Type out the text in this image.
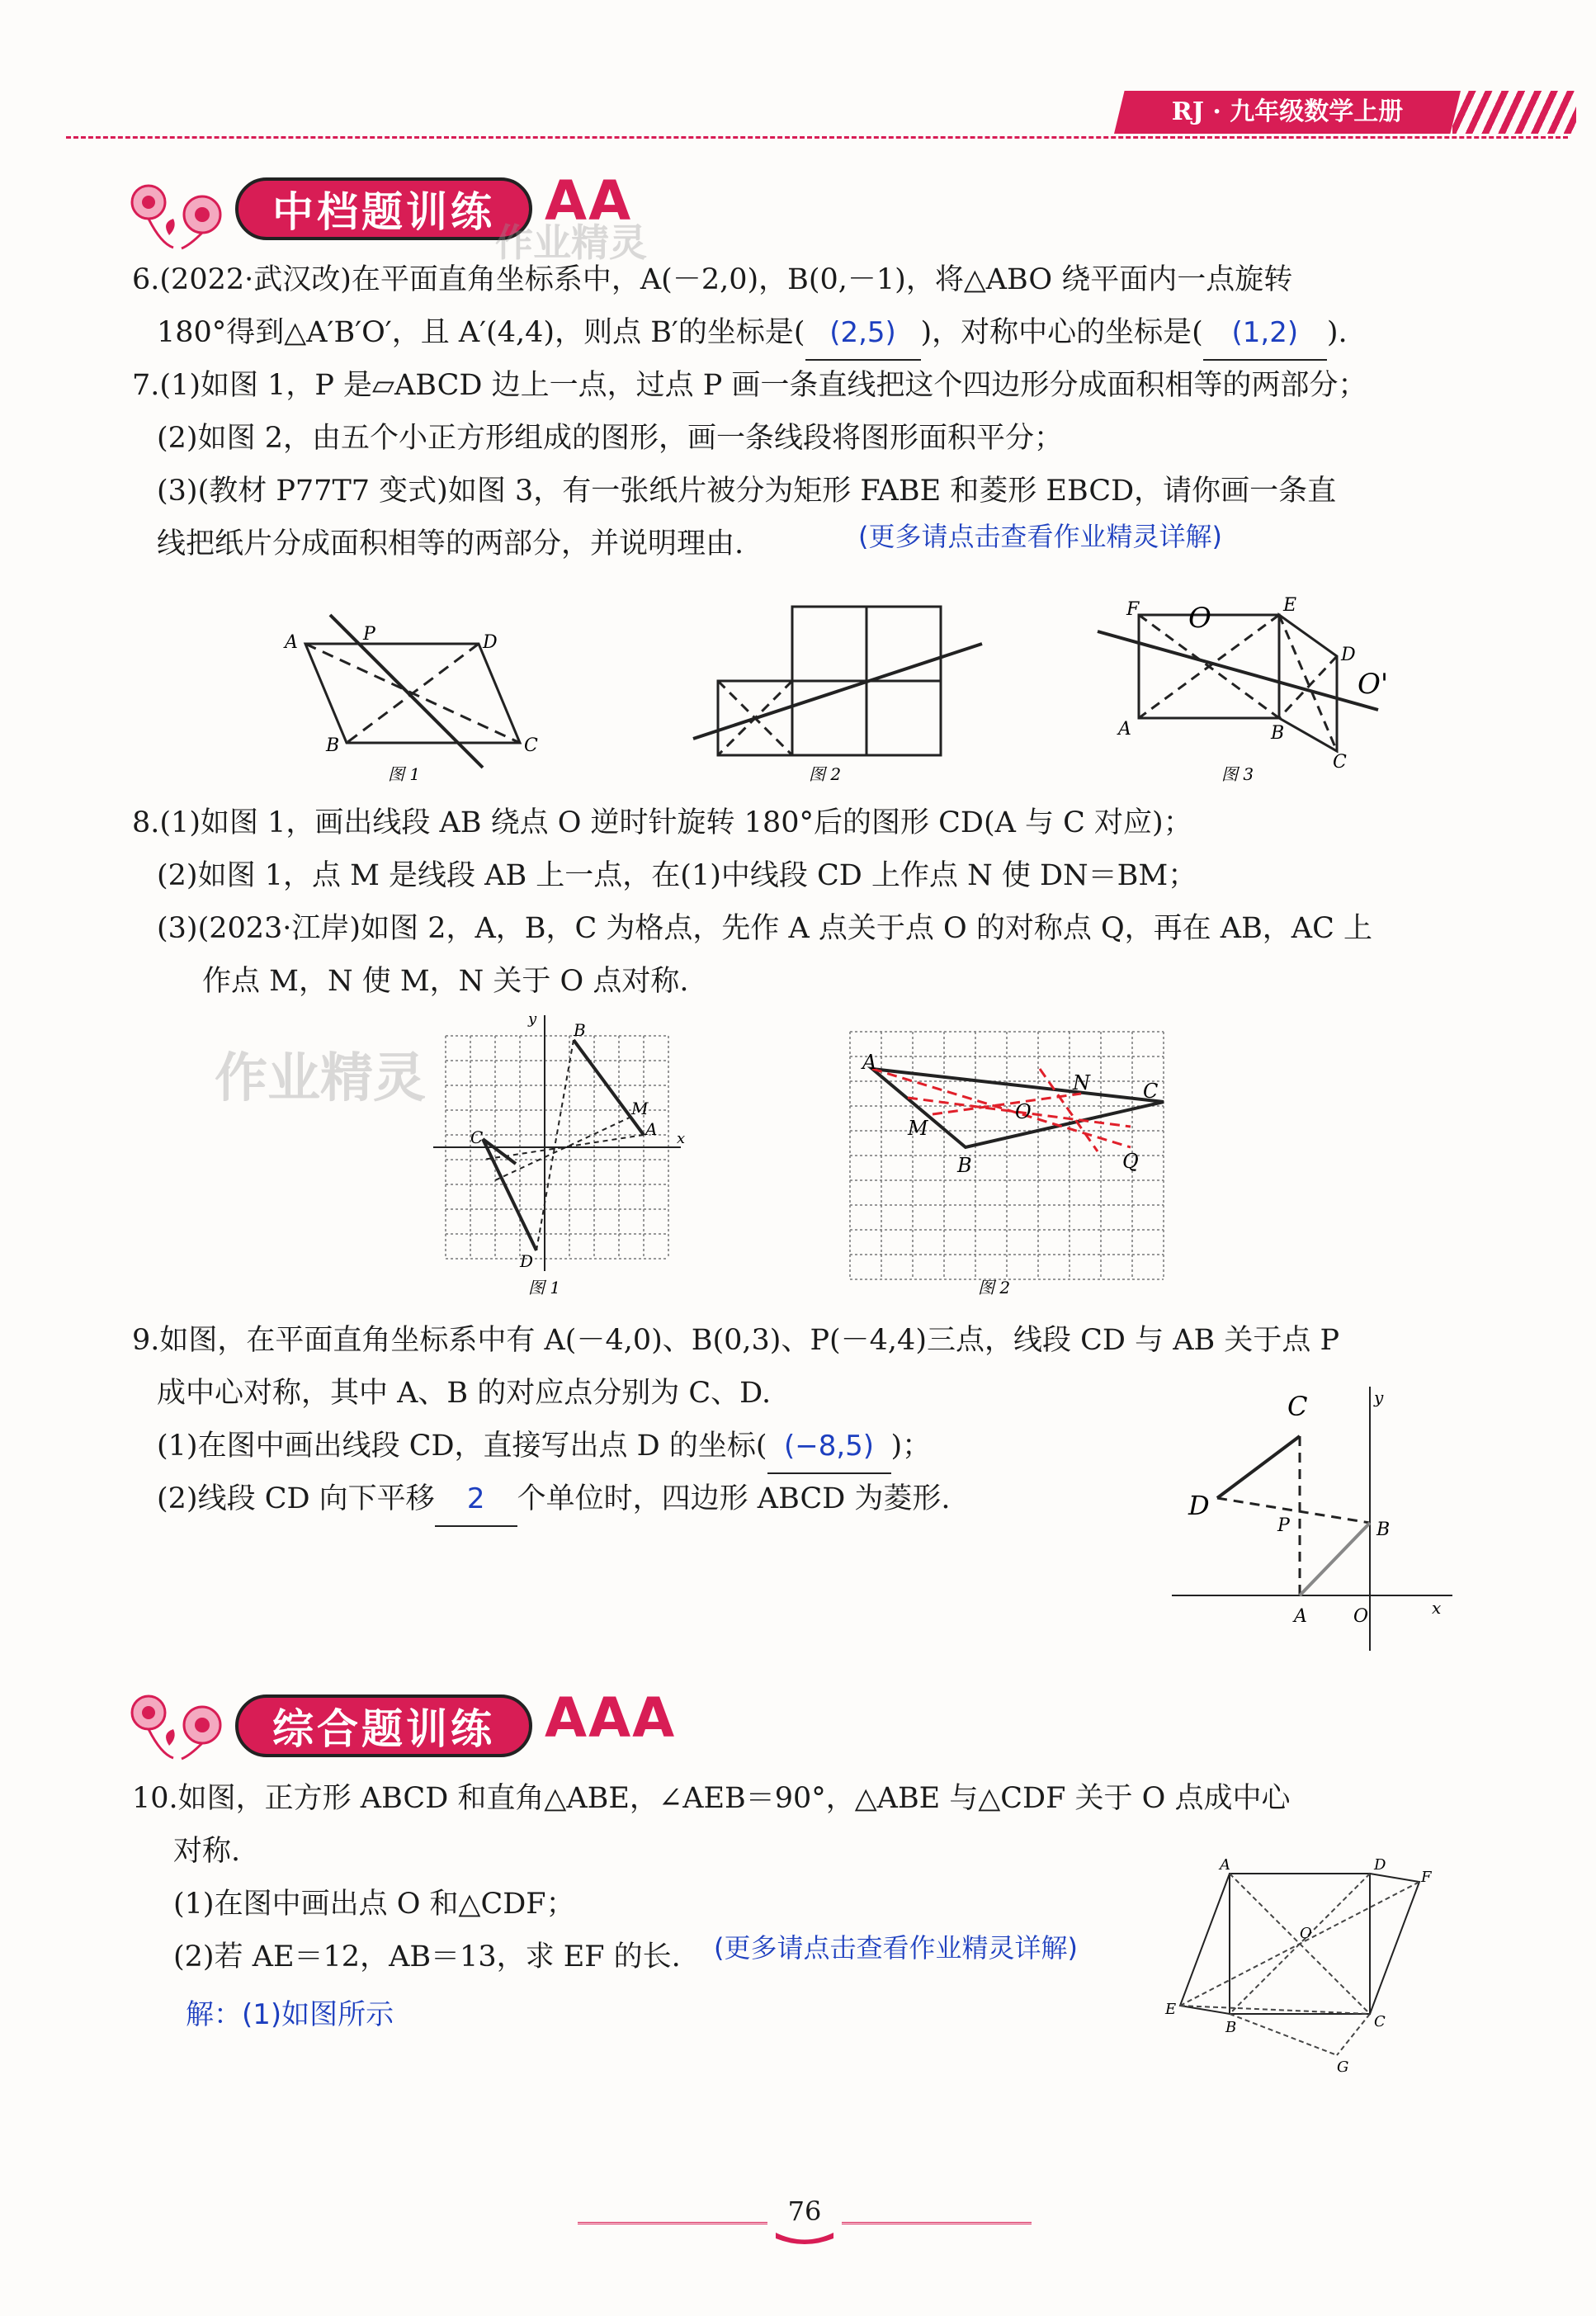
RJ · 九年级数学上册
中档题训练 AA
作业精灵
6.(2022·武汉改)在平面直角坐标系中，A(－2,0)，B(0,－1)，将△ABO 绕平面内一点旋转
180°得到△A′B′O′，且 A′(4,4)，则点 B′的坐标是( (2,5) )，对称中心的坐标是( (1,2) ).
7.(1)如图 1，P 是▱ABCD 边上一点，过点 P 画一条直线把这个四边形分成面积相等的两部分；
(2)如图 2，由五个小正方形组成的图形，画一条线段将图形面积平分；
(3)(教材 P77T7 变式)如图 3，有一张纸片被分为矩形 FABE 和菱形 EBCD，请你画一条直
线把纸片分成面积相等的两部分，并说明理由.	(更多请点击查看作业精灵详解)
A	P	D
B	C
F	E
D
A	B
C
O
O'
图 1	图 2	图 3
8.(1)如图 1，画出线段 AB 绕点 O 逆时针旋转 180°后的图形 CD(A 与 C 对应)；
(2)如图 1，点 M 是线段 AB 上一点，在(1)中线段 CD 上作点 N 使 DN＝BM；
(3)(2023·江岸)如图 2，A，B，C 为格点，先作 A 点关于点 O 的对称点 Q，再在 AB，AC 上
作点 M，N 使 M，N 关于 O 点对称.
作业精灵
B
M
A
C
D
y
x
图 1
A
C
B
M
N
O
Q
图 2
9.如图，在平面直角坐标系中有 A(－4,0)、B(0,3)、P(－4,4)三点，线段 CD 与 AB 关于点 P
成中心对称，其中 A、B 的对应点分别为 C、D.
(1)在图中画出线段 CD，直接写出点 D 的坐标( (−8,5) )；
(2)线段 CD 向下平移 2 个单位时，四边形 ABCD 为菱形.
C
D
P	B
A	O
y
x
综合题训练 AAA
10.如图，正方形 ABCD 和直角△ABE，∠AEB＝90°，△ABE 与△CDF 关于 O 点成中心
对称.
(1)在图中画出点 O 和△CDF；
(2)若 AE＝12，AB＝13，求 EF 的长. (更多请点击查看作业精灵详解)
解：(1)如图所示
A	D
F
O
E
B	C
G
76
